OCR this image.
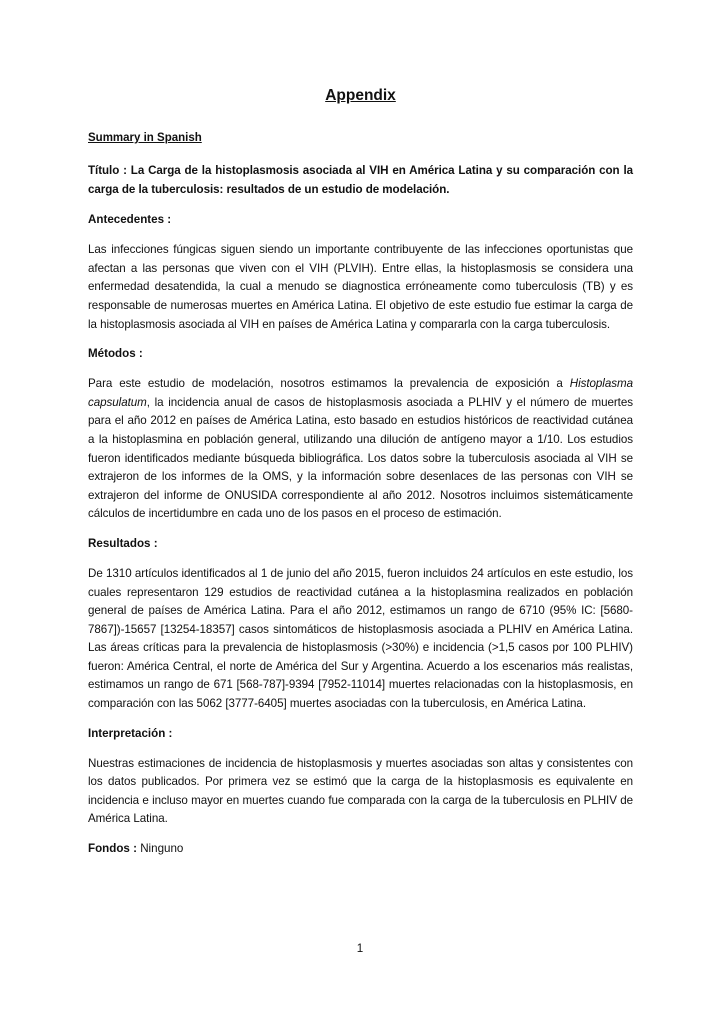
Appendix
Summary in Spanish

Título : La Carga de la histoplasmosis asociada al VIH en América Latina y su comparación con la carga de la tuberculosis: resultados de un estudio de modelación.

Antecedentes :

Las infecciones fúngicas siguen siendo un importante contribuyente de las infecciones oportunistas que afectan a las personas que viven con el VIH (PLVIH). Entre ellas, la histoplasmosis se considera una enfermedad desatendida, la cual a menudo se diagnostica erróneamente como tuberculosis (TB) y es responsable de numerosas muertes en América Latina. El objetivo de este estudio fue estimar la carga de la histoplasmosis asociada al VIH en países de América Latina y compararla con la carga tuberculosis.

Métodos :

Para este estudio de modelación, nosotros estimamos la prevalencia de exposición a Histoplasma capsulatum, la incidencia anual de casos de histoplasmosis asociada a PLHIV y el número de muertes para el año 2012 en países de América Latina, esto basado en estudios históricos de reactividad cutánea a la histoplasmina en población general, utilizando una dilución de antígeno mayor a 1/10. Los estudios fueron identificados mediante búsqueda bibliográfica. Los datos sobre la tuberculosis asociada al VIH se extrajeron de los informes de la OMS, y la información sobre desenlaces de las personas con VIH se extrajeron del informe de ONUSIDA correspondiente al año 2012. Nosotros incluimos sistemáticamente cálculos de incertidumbre en cada uno de los pasos en el proceso de estimación.

Resultados :

De 1310 artículos identificados al 1 de junio del año 2015, fueron incluidos 24 artículos en este estudio, los cuales representaron 129 estudios de reactividad cutánea a la histoplasmina realizados en población general de países de América Latina. Para el año 2012, estimamos un rango de 6710 (95% IC: [5680-7867])-15657 [13254-18357] casos sintomáticos de histoplasmosis asociada a PLHIV en América Latina. Las áreas críticas para la prevalencia de histoplasmosis (>30%) e incidencia (>1,5 casos por 100 PLHIV) fueron: América Central, el norte de América del Sur y Argentina. Acuerdo a los escenarios más realistas, estimamos un rango de 671 [568-787]-9394 [7952-11014] muertes relacionadas con la histoplasmosis, en comparación con las 5062 [3777-6405] muertes asociadas con la tuberculosis, en América Latina.

Interpretación :

Nuestras estimaciones de incidencia de histoplasmosis y muertes asociadas son altas y consistentes con los datos publicados. Por primera vez se estimó que la carga de la histoplasmosis es equivalente en incidencia e incluso mayor en muertes cuando fue comparada con la carga de la tuberculosis en PLHIV de América Latina.

Fondos : Ninguno
1
